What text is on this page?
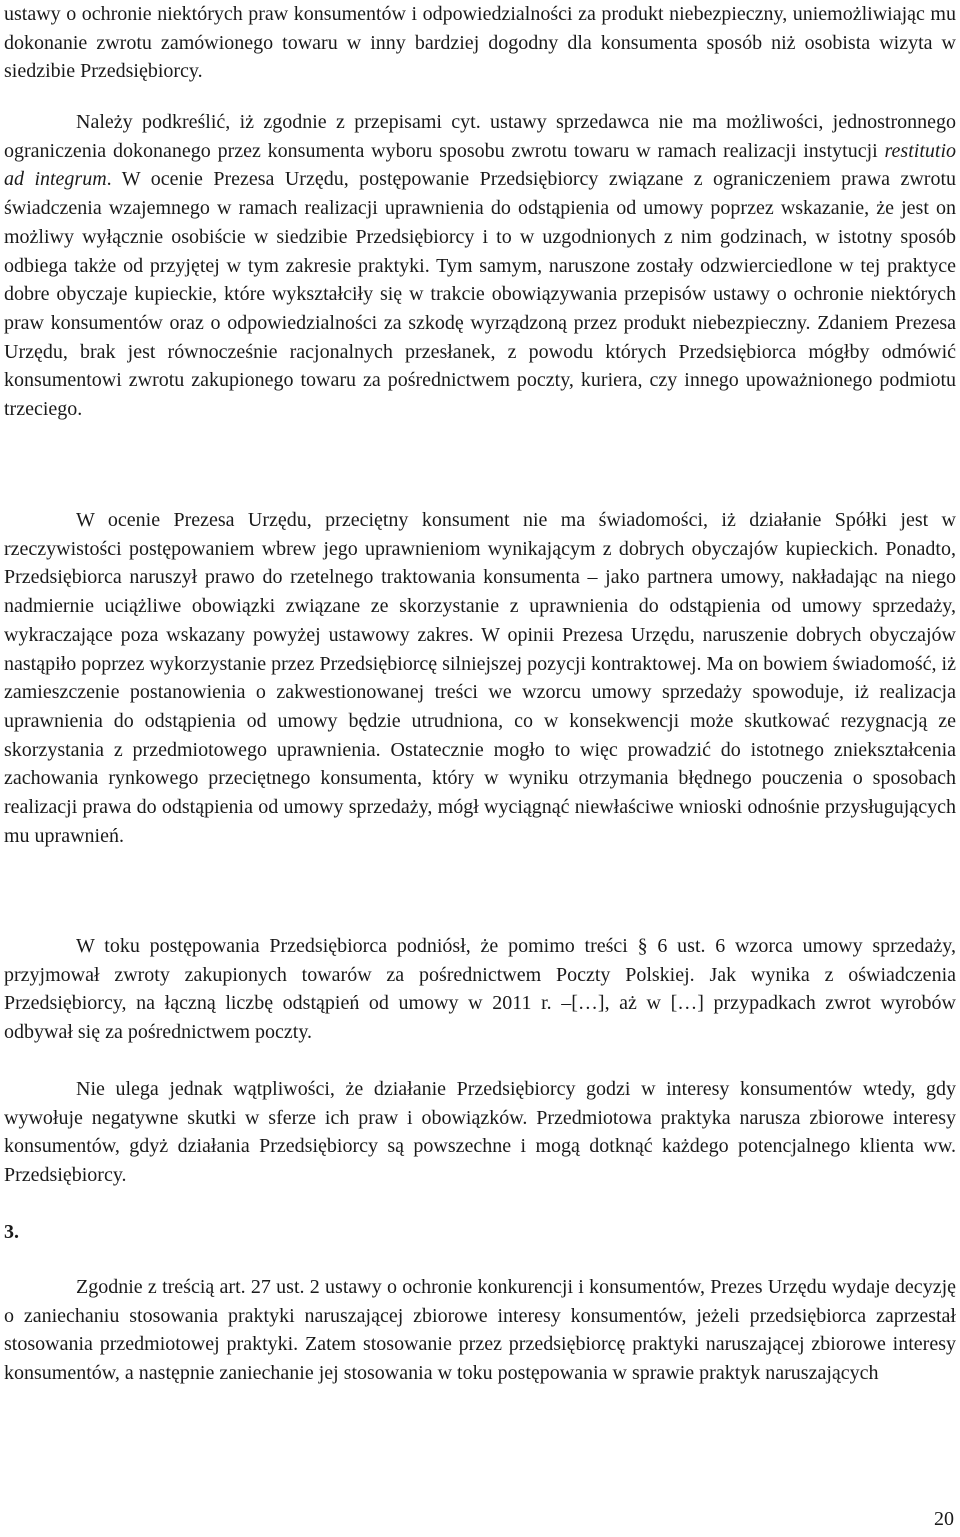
ustawy o ochronie niektórych praw konsumentów i odpowiedzialności za produkt niebezpieczny, uniemożliwiając mu dokonanie zwrotu zamówionego towaru w inny bardziej dogodny dla konsumenta sposób niż osobista wizyta w siedzibie Przedsiębiorcy.

Należy podkreślić, iż zgodnie z przepisami cyt. ustawy sprzedawca nie ma możliwości, jednostronnego ograniczenia dokonanego przez konsumenta wyboru sposobu zwrotu towaru w ramach realizacji instytucji restitutio ad integrum. W ocenie Prezesa Urzędu, postępowanie Przedsiębiorcy związane z ograniczeniem prawa zwrotu świadczenia wzajemnego w ramach realizacji uprawnienia do odstąpienia od umowy poprzez wskazanie, że jest on możliwy wyłącznie osobiście w siedzibie Przedsiębiorcy i to w uzgodnionych z nim godzinach, w istotny sposób odbiega także od przyjętej w tym zakresie praktyki. Tym samym, naruszone zostały odzwierciedlone w tej praktyce dobre obyczaje kupieckie, które wykształciły się w trakcie obowiązywania przepisów ustawy o ochronie niektórych praw konsumentów oraz o odpowiedzialności za szkodę wyrządzoną przez produkt niebezpieczny. Zdaniem Prezesa Urzędu, brak jest równocześnie racjonalnych przesłanek, z powodu których Przedsiębiorca mógłby odmówić konsumentowi zwrotu zakupionego towaru za pośrednictwem poczty, kuriera, czy innego upoważnionego podmiotu trzeciego.

W ocenie Prezesa Urzędu, przeciętny konsument nie ma świadomości, iż działanie Spółki jest w rzeczywistości postępowaniem wbrew jego uprawnieniom wynikającym z dobrych obyczajów kupieckich. Ponadto, Przedsiębiorca naruszył prawo do rzetelnego traktowania konsumenta – jako partnera umowy, nakładając na niego nadmiernie uciążliwe obowiązki związane ze skorzystanie z uprawnienia do odstąpienia od umowy sprzedaży, wykraczające poza wskazany powyżej ustawowy zakres. W opinii Prezesa Urzędu, naruszenie dobrych obyczajów nastąpiło poprzez wykorzystanie przez Przedsiębiorcę silniejszej pozycji kontraktowej. Ma on bowiem świadomość, iż zamieszczenie postanowienia o zakwestionowanej treści we wzorcu umowy sprzedaży spowoduje, iż realizacja uprawnienia do odstąpienia od umowy będzie utrudniona, co w konsekwencji może skutkować rezygnacją ze skorzystania z przedmiotowego uprawnienia. Ostatecznie mogło to więc prowadzić do istotnego zniekształcenia zachowania rynkowego przeciętnego konsumenta, który w wyniku otrzymania błędnego pouczenia o sposobach realizacji prawa do odstąpienia od umowy sprzedaży, mógł wyciągnąć niewłaściwe wnioski odnośnie przysługujących mu uprawnień.

W toku postępowania Przedsiębiorca podniósł, że pomimo treści § 6 ust. 6 wzorca umowy sprzedaży, przyjmował zwroty zakupionych towarów za pośrednictwem Poczty Polskiej. Jak wynika z oświadczenia Przedsiębiorcy, na łączną liczbę odstąpień od umowy w 2011 r. –[…], aż w […] przypadkach zwrot wyrobów odbywał się za pośrednictwem poczty.

Nie ulega jednak wątpliwości, że działanie Przedsiębiorcy godzi w interesy konsumentów wtedy, gdy wywołuje negatywne skutki w sferze ich praw i obowiązków. Przedmiotowa praktyka narusza zbiorowe interesy konsumentów, gdyż działania Przedsiębiorcy są powszechne i mogą dotknąć każdego potencjalnego klienta ww. Przedsiębiorcy.

3.

Zgodnie z treścią art. 27 ust. 2 ustawy o ochronie konkurencji i konsumentów, Prezes Urzędu wydaje decyzję o zaniechaniu stosowania praktyki naruszającej zbiorowe interesy konsumentów, jeżeli przedsiębiorca zaprzestał stosowania przedmiotowej praktyki. Zatem stosowanie przez przedsiębiorcę praktyki naruszającej zbiorowe interesy konsumentów, a następnie zaniechanie jej stosowania w toku postępowania w sprawie praktyk naruszających

20
